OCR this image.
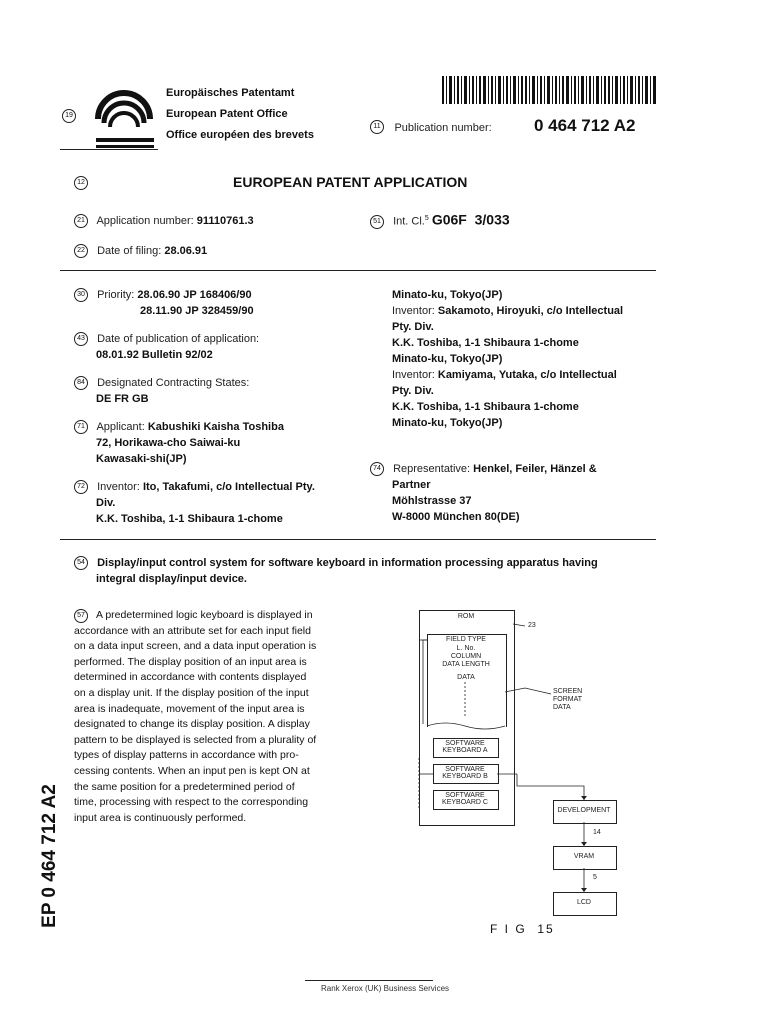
19
Europäisches Patentamt
European Patent Office
Office européen des brevets
11 Publication number: 0 464 712 A2
12	EUROPEAN PATENT APPLICATION
21 Application number: 91110761.3	51 Int. Cl.$^5$ G06F  3/033
22 Date of filing: 28.06.91
30 Priority: 28.06.90 JP 168406/90
28.11.90 JP 328459/90
43 Date of publication of application:
08.01.92 Bulletin 92/02
84 Designated Contracting States:
DE FR GB
71 Applicant: Kabushiki Kaisha Toshiba
72, Horikawa-cho Saiwai-ku
Kawasaki-shi(JP)
72 Inventor: Ito, Takafumi, c/o Intellectual Pty.
Div.
K.K. Toshiba, 1-1 Shibaura 1-chome
Minato-ku, Tokyo(JP)
Inventor: Sakamoto, Hiroyuki, c/o Intellectual
Pty. Div.
K.K. Toshiba, 1-1 Shibaura 1-chome
Minato-ku, Tokyo(JP)
Inventor: Kamiyama, Yutaka, c/o Intellectual
Pty. Div.
K.K. Toshiba, 1-1 Shibaura 1-chome
Minato-ku, Tokyo(JP)
74 Representative: Henkel, Feiler, Hänzel &
Partner
Möhlstrasse 37
W-8000 München 80(DE)
54 Display/input control system for software keyboard in information processing apparatus having
integral display/input device.
57	A predetermined logic keyboard is displayed in

accordance with an attribute set for each input field

on a data input screen, and a data input operation is

performed. The display position of an input area is

determined in accordance with contents displayed

on a display unit. If the display position of the input

area is inadequate, movement of the input area is

designated to change its display position. A display

pattern to be displayed is selected from a plurality of

types of display patterns in accordance with pro-

cessing contents. When an input pen is kept ON at

the same position for a predetermined period of

time, processing with respect to the corresponding

input area is continuously performed.

EP 0 464 712 A2
ROM
23
FIELD TYPE
L. No.
COLUMN
DATA LENGTH
DATA
SCREEN
FORMAT
DATA
SOFTWARE
KEYBOARD A
SOFTWARE
KEYBOARD B
SOFTWARE
KEYBOARD C
DEVELOPMENT
14
VRAM
5
LCD
F I G  15
Rank Xerox (UK) Business Services
